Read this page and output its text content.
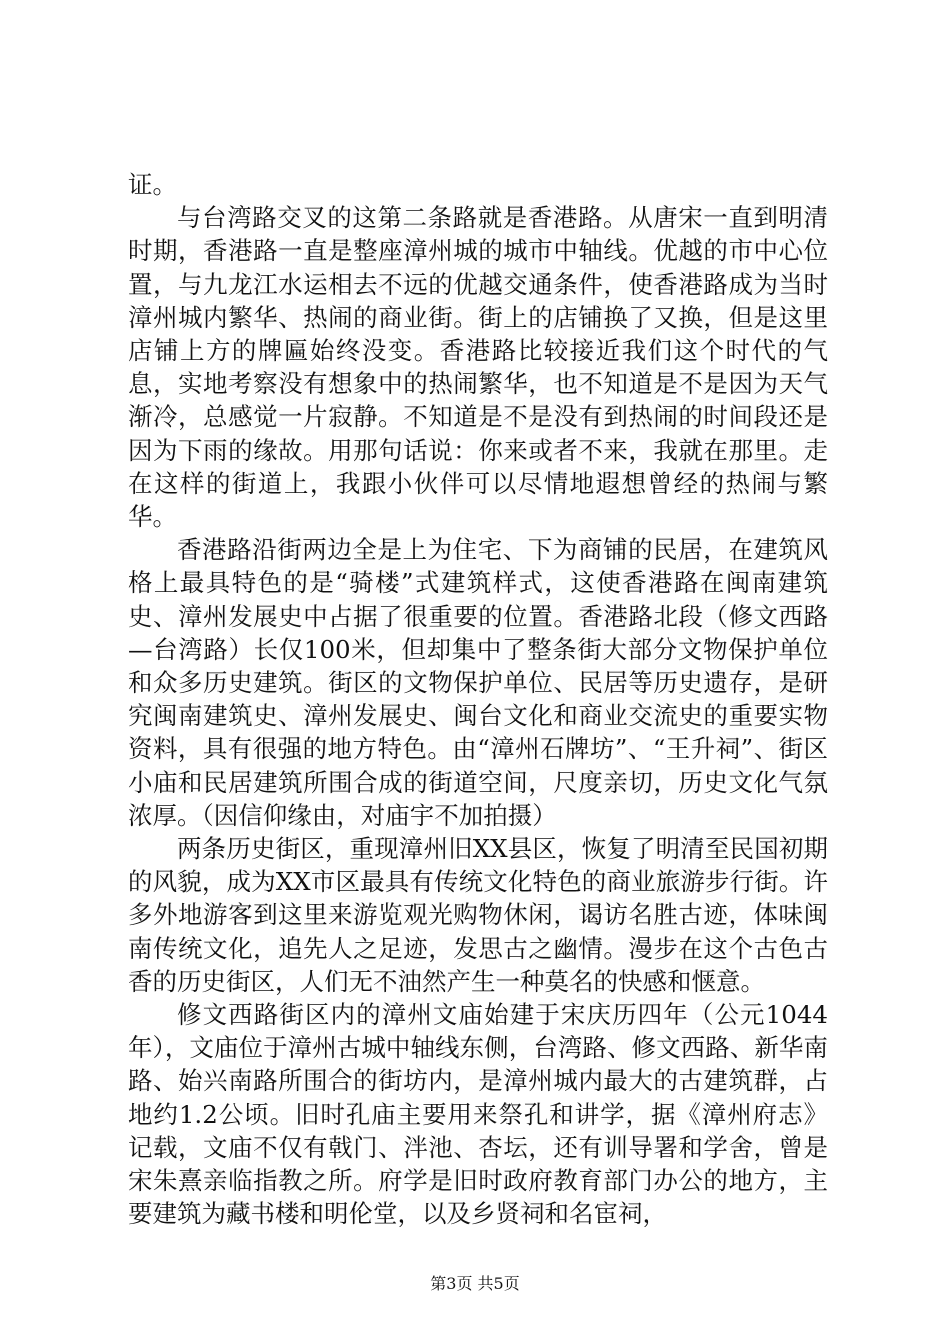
证。

与台湾路交叉的这第二条路就是香港路。从唐宋一直到明清时期，香港路一直是整座漳州城的城市中轴线。优越的市中心位置，与九龙江水运相去不远的优越交通条件，使香港路成为当时漳州城内繁华、热闹的商业街。街上的店铺换了又换，但是这里店铺上方的牌匾始终没变。香港路比较接近我们这个时代的气息，实地考察没有想象中的热闹繁华，也不知道是不是因为天气渐冷，总感觉一片寂静。不知道是不是没有到热闹的时间段还是因为下雨的缘故。用那句话说：你来或者不来，我就在那里。走在这样的街道上，我跟小伙伴可以尽情地遐想曾经的热闹与繁华。

香港路沿街两边全是上为住宅、下为商铺的民居，在建筑风格上最具特色的是“骑楼”式建筑样式，这使香港路在闽南建筑史、漳州发展史中占据了很重要的位置。香港路北段（修文西路—台湾路）长仅100米，但却集中了整条街大部分文物保护单位和众多历史建筑。街区的文物保护单位、民居等历史遗存，是研究闽南建筑史、漳州发展史、闽台文化和商业交流史的重要实物资料，具有很强的地方特色。由“漳州石牌坊”、“王升祠”、街区小庙和民居建筑所围合成的街道空间，尺度亲切，历史文化气氛浓厚。（因信仰缘由，对庙宇不加拍摄）

两条历史街区，重现漳州旧XX县区，恢复了明清至民国初期的风貌，成为XX市区最具有传统文化特色的商业旅游步行街。许多外地游客到这里来游览观光购物休闲，谒访名胜古迹，体味闽南传统文化，追先人之足迹，发思古之幽情。漫步在这个古色古香的历史街区，人们无不油然产生一种莫名的快感和惬意。

修文西路街区内的漳州文庙始建于宋庆历四年（公元1044年），文庙位于漳州古城中轴线东侧，台湾路、修文西路、新华南路、始兴南路所围合的街坊内，是漳州城内最大的古建筑群，占地约1.2公顷。旧时孔庙主要用来祭孔和讲学，据《漳州府志》记载，文庙不仅有戟门、泮池、杏坛，还有训导署和学舍，曾是宋朱熹亲临指教之所。府学是旧时政府教育部门办公的地方，主要建筑为藏书楼和明伦堂，以及乡贤祠和名宦祠，

第3页 共5页
